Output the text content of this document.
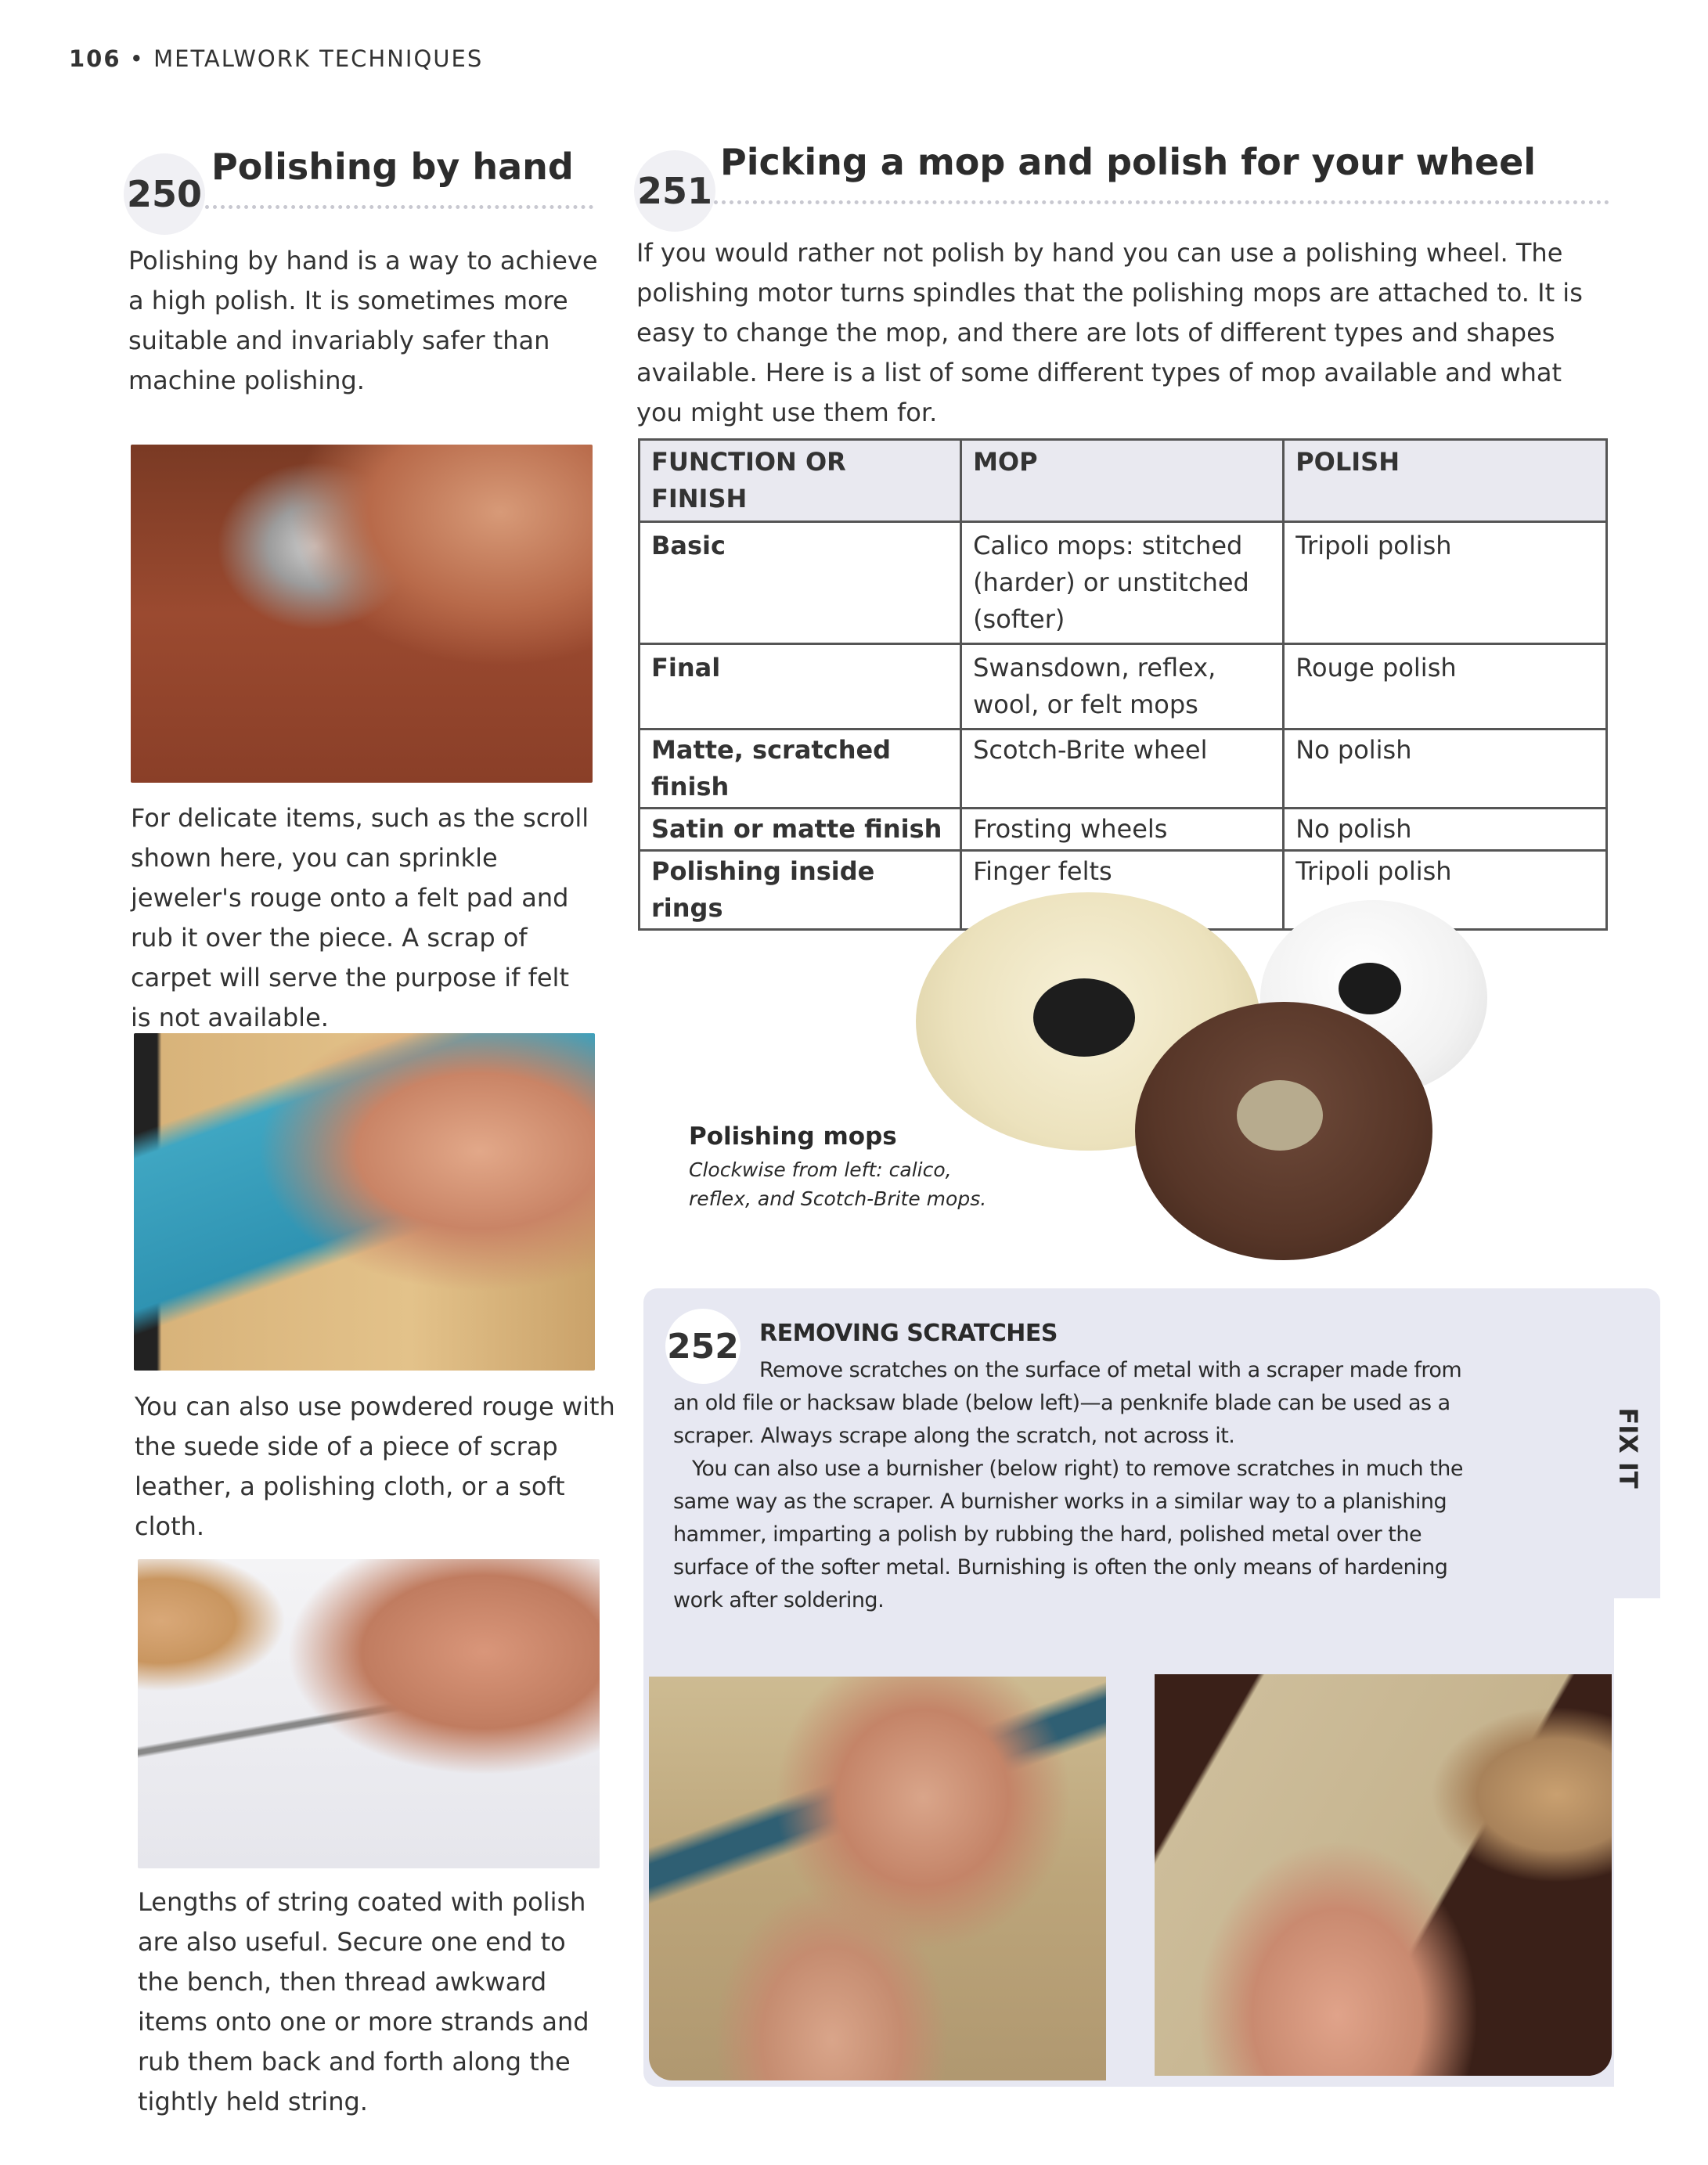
106 • METALWORK TECHNIQUES
250
Polishing by hand
Polishing by hand is a way to achieve a high polish. It is sometimes more suitable and invariably safer than machine polishing.
For delicate items, such as the scroll shown here, you can sprinkle jeweler's rouge onto a felt pad and rub it over the piece. A scrap of carpet will serve the purpose if felt is not available.
You can also use powdered rouge with the suede side of a piece of scrap leather, a polishing cloth, or a soft cloth.
Lengths of string coated with polish are also useful. Secure one end to the bench, then thread awkward items onto one or more strands and rub them back and forth along the tightly held string.
251
Picking a mop and polish for your wheel
If you would rather not polish by hand you can use a polishing wheel. The polishing motor turns spindles that the polishing mops are attached to. It is easy to change the mop, and there are lots of different types and shapes available. Here is a list of some different types of mop available and what you might use them for.
FUNCTION OR FINISH	MOP	POLISH
Basic	Calico mops: stitched (harder) or unstitched (softer)	Tripoli polish
Final	Swansdown, reflex, wool, or felt mops	Rouge polish
Matte, scratched finish	Scotch-Brite wheel	No polish
Satin or matte finish	Frosting wheels	No polish
Polishing inside rings	Finger felts	Tripoli polish
Polishing mops
Clockwise from left: calico, reflex, and Scotch-Brite mops.
252 REMOVING SCRATCHES
Remove scratches on the surface of metal with a scraper made from an old file or hacksaw blade (below left)—a penknife blade can be used as a scraper. Always scrape along the scratch, not across it.
You can also use a burnisher (below right) to remove scratches in much the same way as the scraper. A burnisher works in a similar way to a planishing hammer, imparting a polish by rubbing the hard, polished metal over the surface of the softer metal. Burnishing is often the only means of hardening work after soldering.
FIX IT
